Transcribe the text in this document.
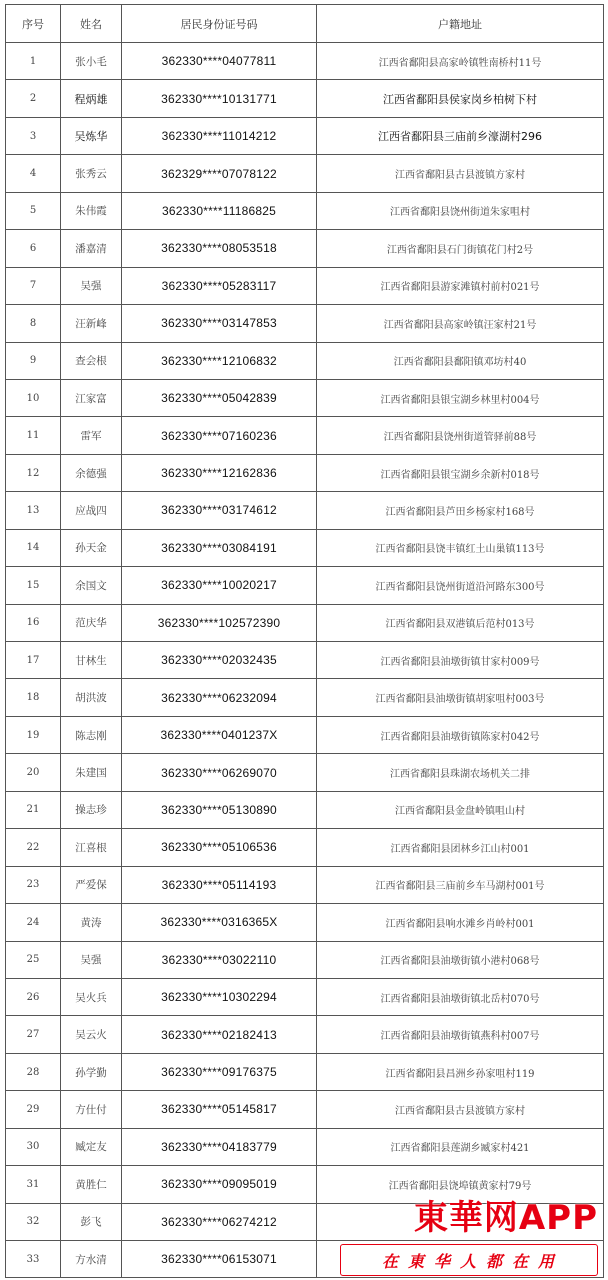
序号	姓名	居民身份证号码	户籍地址
1	张小毛	362330****04077811	江西省鄱阳县高家岭镇牲南桥村11号
2	程炳雄	362330****10131771	江西省鄱阳县侯家岗乡柏树下村
3	吴炼华	362330****11014212	江西省鄱阳县三庙前乡濠湖村296
4	张秀云	362329****07078122	江西省鄱阳县古县渡镇方家村
5	朱伟霞	362330****11186825	江西省鄱阳县饶州街道朱家咀村
6	潘嘉清	362330****08053518	江西省鄱阳县石门街镇花门村2号
7	吴强	362330****05283117	江西省鄱阳县游家滩镇村前村021号
8	汪新峰	362330****03147853	江西省鄱阳县高家岭镇汪家村21号
9	查会根	362330****12106832	江西省鄱阳县鄱阳镇邓坊村40
10	江家富	362330****05042839	江西省鄱阳县银宝湖乡林里村004号
11	雷军	362330****07160236	江西省鄱阳县饶州街道管驿前88号
12	余德强	362330****12162836	江西省鄱阳县银宝湖乡余新村018号
13	应战四	362330****03174612	江西省鄱阳县芦田乡杨家村168号
14	孙天金	362330****03084191	江西省鄱阳县饶丰镇红土山巢镇113号
15	余国文	362330****10020217	江西省鄱阳县饶州街道沿河路东300号
16	范庆华	362330****102572390	江西省鄱阳县双港镇后范村013号
17	甘林生	362330****02032435	江西省鄱阳县油墩街镇甘家村009号
18	胡洪波	362330****06232094	江西省鄱阳县油墩街镇胡家咀村003号
19	陈志刚	362330****0401237X	江西省鄱阳县油墩街镇陈家村042号
20	朱建国	362330****06269070	江西省鄱阳县珠湖农场机关二排
21	操志珍	362330****05130890	江西省鄱阳县金盘岭镇咀山村
22	江喜根	362330****05106536	江西省鄱阳县团林乡江山村001
23	严爱保	362330****05114193	江西省鄱阳县三庙前乡车马湖村001号
24	黄涛	362330****0316365X	江西省鄱阳县响水滩乡肖岭村001
25	吴强	362330****03022110	江西省鄱阳县油墩街镇小港村068号
26	吴火兵	362330****10302294	江西省鄱阳县油墩街镇北岳村070号
27	吴云火	362330****02182413	江西省鄱阳县油墩街镇燕科村007号
28	孙学勤	362330****09176375	江西省鄱阳县昌洲乡孙家咀村119
29	方仕付	362330****05145817	江西省鄱阳县古县渡镇方家村
30	臧定友	362330****04183779	江西省鄱阳县莲湖乡臧家村421
31	黄胜仁	362330****09095019	江西省鄱阳县饶埠镇黄家村79号
32	彭飞	362330****06274212	
33	方水清	362330****06153071	
東華网APP
在東华人都在用
